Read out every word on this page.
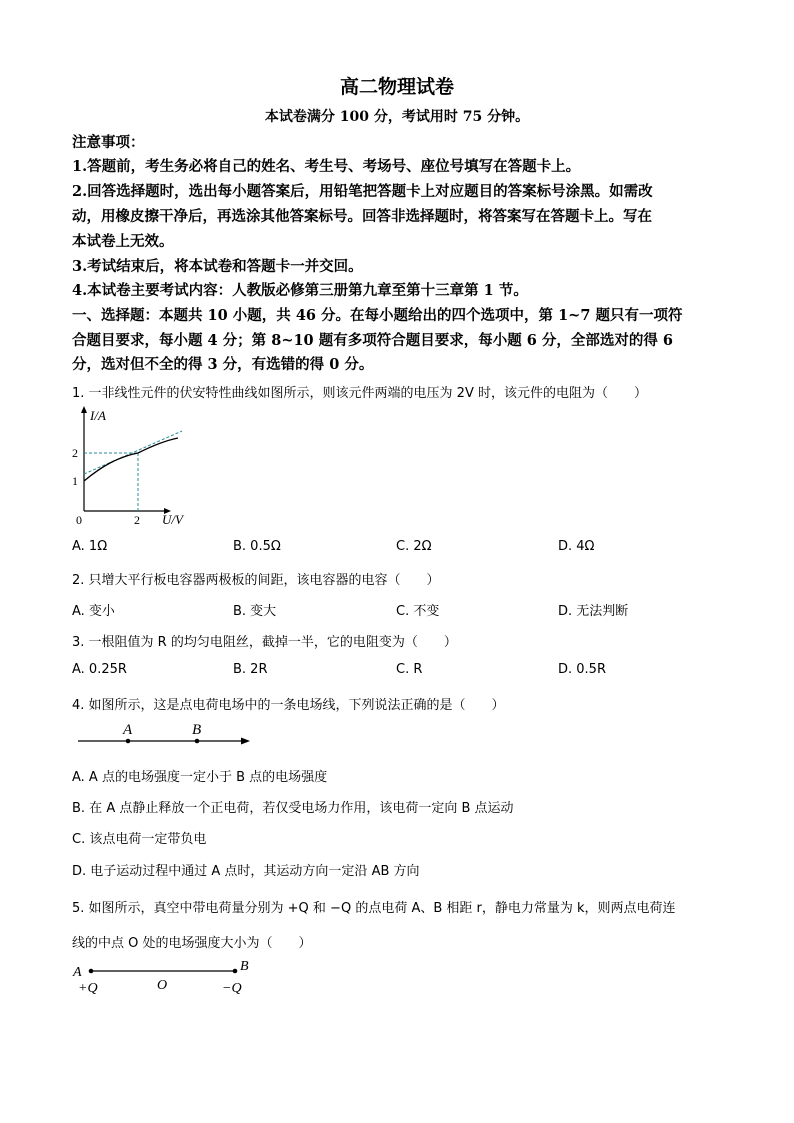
高二物理试卷
本试卷满分 100 分，考试用时 75 分钟。
注意事项：
1.答题前，考生务必将自己的姓名、考生号、考场号、座位号填写在答题卡上。
2.回答选择题时，选出每小题答案后，用铅笔把答题卡上对应题目的答案标号涂黑。如需改
动，用橡皮擦干净后，再选涂其他答案标号。回答非选择题时，将答案写在答题卡上。写在
本试卷上无效。
3.考试结束后，将本试卷和答题卡一并交回。
4.本试卷主要考试内容：人教版必修第三册第九章至第十三章第 1 节。
一、选择题：本题共 10 小题，共 46 分。在每小题给出的四个选项中，第 1~7 题只有一项符
合题目要求，每小题 4 分；第 8~10 题有多项符合题目要求，每小题 6 分，全部选对的得 6
分，选对但不全的得 3 分，有选错的得 0 分。
1. 一非线性元件的伏安特性曲线如图所示，则该元件两端的电压为 2V 时，该元件的电阻为（　　）
I/A
2
1
0	2 U/V
A. 1Ω	B. 0.5Ω	C. 2Ω	D. 4Ω
2. 只增大平行板电容器两极板的间距，该电容器的电容（　　）
A. 变小	B. 变大	C. 不变	D. 无法判断
3. 一根阻值为 R 的均匀电阻丝，截掉一半，它的电阻变为（　　）
A. 0.25R	B. 2R	C. R	D. 0.5R
4. 如图所示，这是点电荷电场中的一条电场线，下列说法正确的是（　　）
A	B
A. A 点的电场强度一定小于 B 点的电场强度
B. 在 A 点静止释放一个正电荷，若仅受电场力作用，该电荷一定向 B 点运动
C. 该点电荷一定带负电
D. 电子运动过程中通过 A 点时，其运动方向一定沿 AB 方向
5. 如图所示，真空中带电荷量分别为 +Q 和 −Q 的点电荷 A、B 相距 r，静电力常量为 k，则两点电荷连
线的中点 O 处的电场强度大小为（　　）
A	B
+Q	O	−Q
